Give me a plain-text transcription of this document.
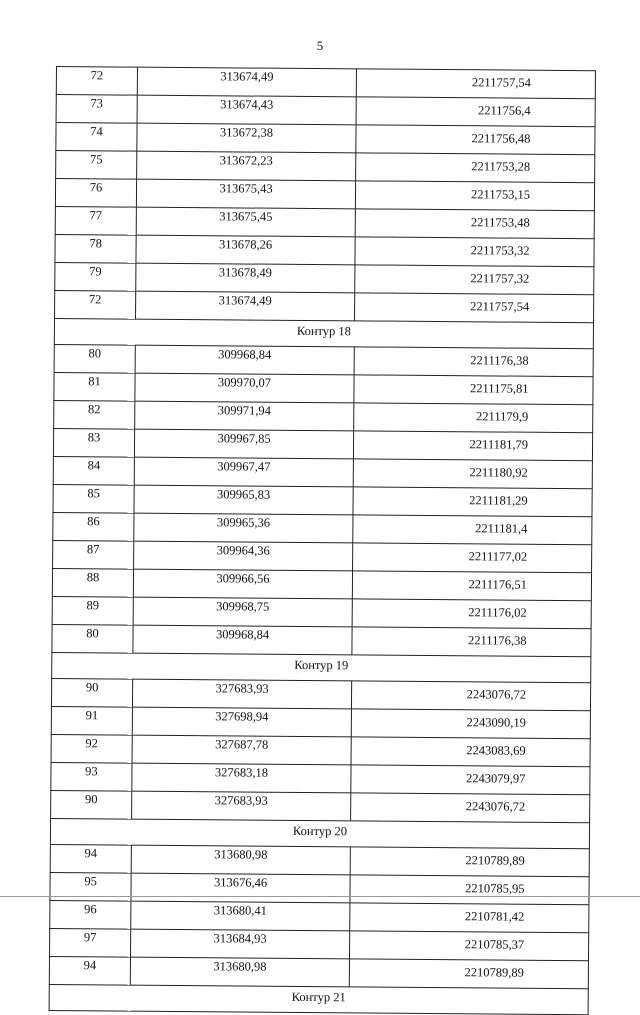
5
72	313674,49	2211757,54
73	313674,43	2211756,4
74	313672,38	2211756,48
75	313672,23	2211753,28
76	313675,43	2211753,15
77	313675,45	2211753,48
78	313678,26	2211753,32
79	313678,49	2211757,32
72	313674,49	2211757,54
Контур 18		
80	309968,84	2211176,38
81	309970,07	2211175,81
82	309971,94	2211179,9
83	309967,85	2211181,79
84	309967,47	2211180,92
85	309965,83	2211181,29
86	309965,36	2211181,4
87	309964,36	2211177,02
88	309966,56	2211176,51
89	309968,75	2211176,02
80	309968,84	2211176,38
Контур 19		
90	327683,93	2243076,72
91	327698,94	2243090,19
92	327687,78	2243083,69
93	327683,18	2243079,97
90	327683,93	2243076,72
Контур 20		
94	313680,98	2210789,89
95	313676,46	2210785,95
96	313680,41	2210781,42
97	313684,93	2210785,37
94	313680,98	2210789,89
Контур 21		
